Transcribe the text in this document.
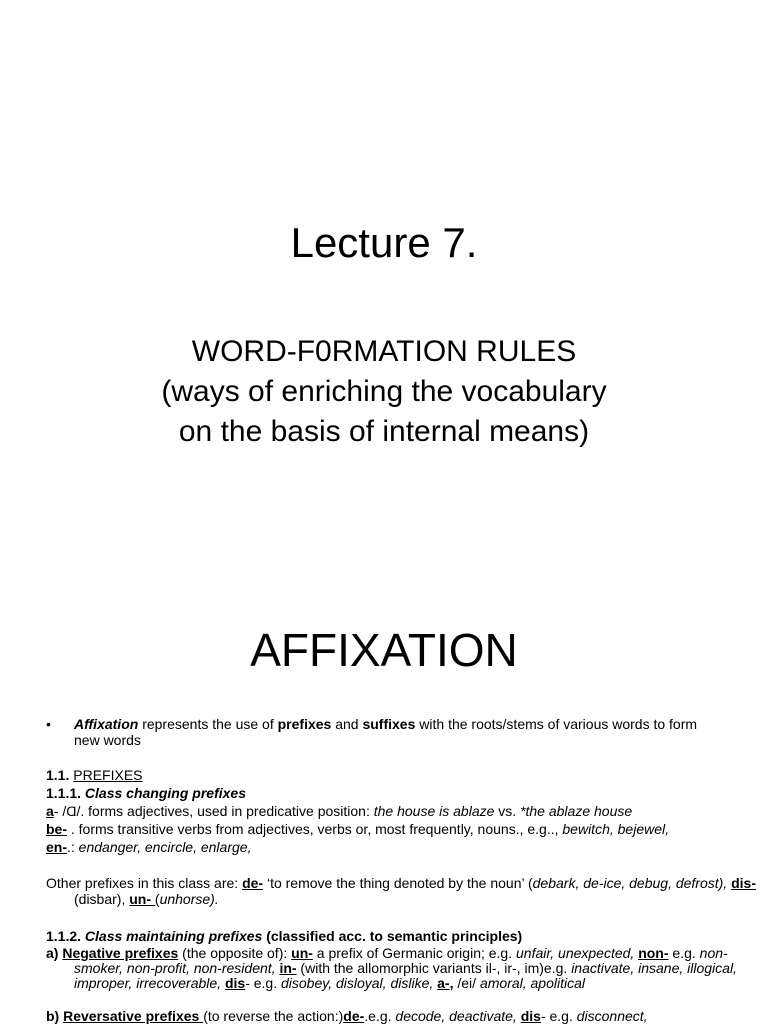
Lecture 7.
WORD-F0RMATION RULES
(ways of enriching the vocabulary
on the basis of internal means)
AFFIXATION
• Affixation represents the use of prefixes and suffixes with the roots/stems of various words to form new words
1.1. PREFIXES
1.1.1. Class changing prefixes
a- /Ɑ/. forms adjectives, used in predicative position: the house is ablaze vs. *the ablaze house
be- . forms transitive verbs from adjectives, verbs or, most frequently, nouns., e.g.., bewitch, bejewel,
en-.: endanger, encircle, enlarge,
Other prefixes in this class are: de- ‘to remove the thing denoted by the noun’ (debark, de-ice, debug, defrost), dis- (disbar), un- (unhorse).
1.1.2. Class maintaining prefixes (classified acc. to semantic principles)
a) Negative prefixes (the opposite of): un- a prefix of Germanic origin; e.g. unfair, unexpected, non- e.g. non-smoker, non-profit, non-resident, in- (with the allomorphic variants il-, ir-, im)e.g. inactivate, insane, illogical, improper, irrecoverable, dis- e.g. disobey, disloyal, dislike, a-, /ei/ amoral, apolitical
b) Reversative prefixes (to reverse the action:)de-.e.g. decode, deactivate, dis- e.g. disconnect,
